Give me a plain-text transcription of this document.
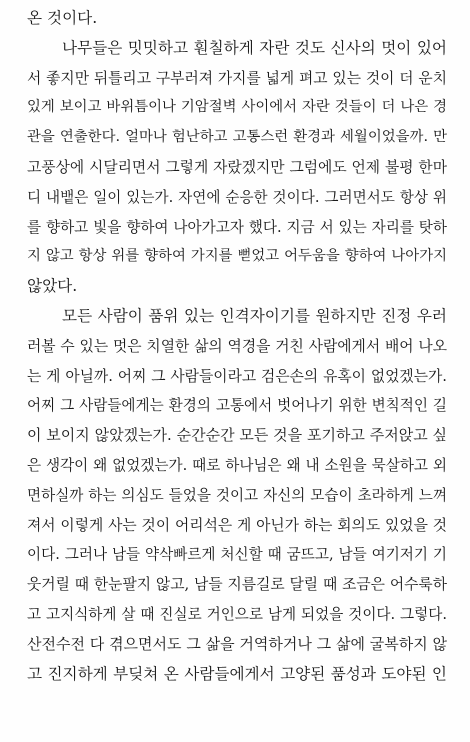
온 것이다.
나무들은 밋밋하고 훤칠하게 자란 것도 신사의 멋이 있어
서 좋지만 뒤틀리고 구부러져 가지를 넓게 펴고 있는 것이 더 운치
있게 보이고 바위틈이나 기암절벽 사이에서 자란 것들이 더 나은 경
관을 연출한다. 얼마나 험난하고 고통스런 환경과 세월이었을까. 만
고풍상에 시달리면서 그렇게 자랐겠지만 그럼에도 언제 불평 한마
디 내뱉은 일이 있는가. 자연에 순응한 것이다. 그러면서도 항상 위
를 향하고 빛을 향하여 나아가고자 했다. 지금 서 있는 자리를 탓하
지 않고 항상 위를 향하여 가지를 뻗었고 어두움을 향하여 나아가지
않았다.
모든 사람이 품위 있는 인격자이기를 원하지만 진정 우러
러볼 수 있는 멋은 치열한 삶의 역경을 거친 사람에게서 배어 나오
는 게 아닐까. 어찌 그 사람들이라고 검은손의 유혹이 없었겠는가.
어찌 그 사람들에게는 환경의 고통에서 벗어나기 위한 변칙적인 길
이 보이지 않았겠는가. 순간순간 모든 것을 포기하고 주저앉고 싶
은 생각이 왜 없었겠는가. 때로 하나님은 왜 내 소원을 묵살하고 외
면하실까 하는 의심도 들었을 것이고 자신의 모습이 초라하게 느껴
져서 이렇게 사는 것이 어리석은 게 아닌가 하는 회의도 있었을 것
이다. 그러나 남들 약삭빠르게 처신할 때 굼뜨고, 남들 여기저기 기
웃거릴 때 한눈팔지 않고, 남들 지름길로 달릴 때 조금은 어수룩하
고 고지식하게 살 때 진실로 거인으로 남게 되었을 것이다. 그렇다.
산전수전 다 겪으면서도 그 삶을 거역하거나 그 삶에 굴복하지 않
고 진지하게 부딪쳐 온 사람들에게서 고양된 품성과 도야된 인
